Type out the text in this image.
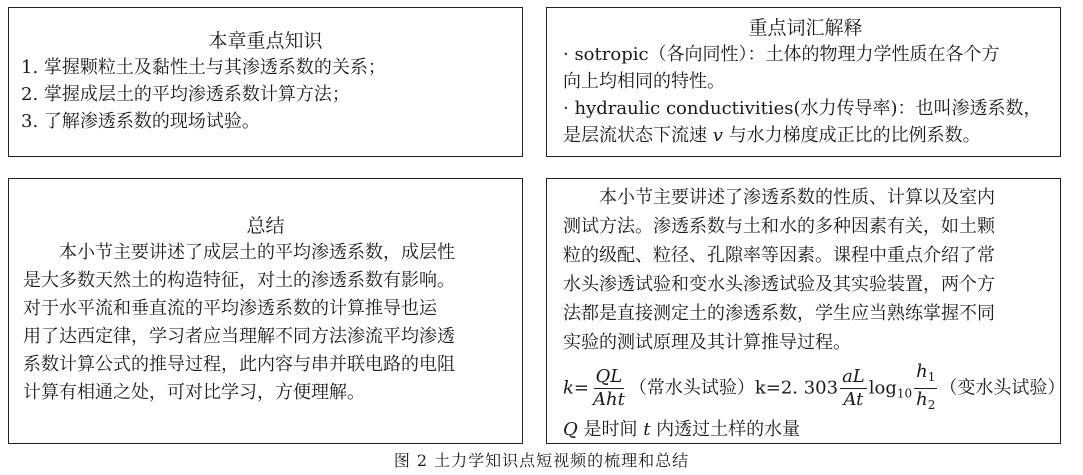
本章重点知识
1. 掌握颗粒土及黏性土与其渗透系数的关系；
2. 掌握成层土的平均渗透系数计算方法；
3. 了解渗透系数的现场试验。
重点词汇解释
· sotropic（各向同性）：土体的物理力学性质在各个方
向上均相同的特性。
· hydraulic conductivities(水力传导率)：也叫渗透系数，
是层流状态下流速 v 与水力梯度成正比的比例系数。
总结
本小节主要讲述了成层土的平均渗透系数，成层性
是大多数天然土的构造特征，对土的渗透系数有影响。
对于水平流和垂直流的平均渗透系数的计算推导也运
用了达西定律，学习者应当理解不同方法渗流平均渗透
系数计算公式的推导过程，此内容与串并联电路的电阻
计算有相通之处，可对比学习，方便理解。
本小节主要讲述了渗透系数的性质、计算以及室内
测试方法。渗透系数与土和水的多种因素有关，如土颗
粒的级配、粒径、孔隙率等因素。课程中重点介绍了常
水头渗透试验和变水头渗透试验及其实验装置，两个方
法都是直接测定土的渗透系数，学生应当熟练掌握不同
实验的测试原理及其计算推导过程。
$k= \frac{QL}{\text{Aht}}$ （常水头试验） k=2. $303 \frac{aL}{At} \log_{10} \frac{h_1}{h_2}$ （变水头试验）
Q 是时间 t 内透过土样的水量
图 2 土力学知识点短视频的梳理和总结
